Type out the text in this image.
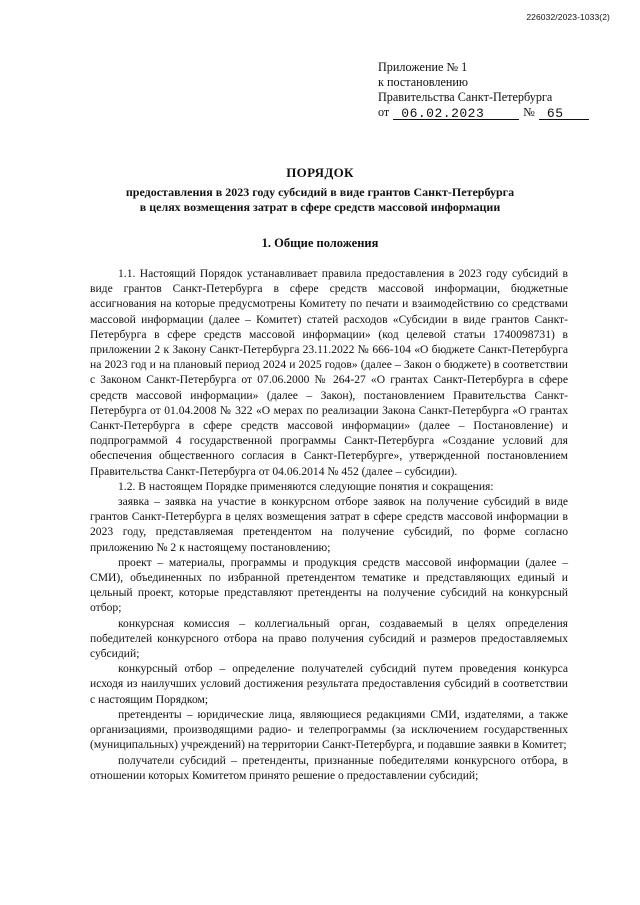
226032/2023-1033(2)
Приложение № 1
к постановлению
Правительства Санкт-Петербурга
от 06.02.2023	№ 65
ПОРЯДОК
предоставления в 2023 году субсидий в виде грантов Санкт-Петербурга
в целях возмещения затрат в сфере средств массовой информации
1. Общие положения

1.1. Настоящий Порядок устанавливает правила предоставления в 2023 году субсидий в виде грантов Санкт-Петербурга в сфере средств массовой информации, бюджетные ассигнования на которые предусмотрены Комитету по печати и взаимодействию со средствами массовой информации (далее – Комитет) статей расходов «Субсидии в виде грантов Санкт-Петербурга в сфере средств массовой информации» (код целевой статьи 1740098731) в приложении 2 к Закону Санкт-Петербурга 23.11.2022 № 666-104 «О бюджете Санкт-Петербурга на 2023 год и на плановый период 2024 и 2025 годов» (далее – Закон о бюджете) в соответствии с Законом Санкт-Петербурга от 07.06.2000 № 264-27 «О грантах Санкт-Петербурга в сфере средств массовой информации» (далее – Закон), постановлением Правительства Санкт-Петербурга от 01.04.2008 № 322 «О мерах по реализации Закона Санкт-Петербурга «О грантах Санкт-Петербурга в сфере средств массовой информации» (далее – Постановление) и подпрограммой 4 государственной программы Санкт-Петербурга «Создание условий для обеспечения общественного согласия в Санкт-Петербурге», утвержденной постановлением Правительства Санкт-Петербурга от 04.06.2014 № 452 (далее – субсидии).

1.2. В настоящем Порядке применяются следующие понятия и сокращения:

заявка – заявка на участие в конкурсном отборе заявок на получение субсидий в виде грантов Санкт-Петербурга в целях возмещения затрат в сфере средств массовой информации в 2023 году, представляемая претендентом на получение субсидий, по форме согласно приложению № 2 к настоящему постановлению;

проект – материалы, программы и продукция средств массовой информации (далее – СМИ), объединенных по избранной претендентом тематике и представляющих единый и цельный проект, которые представляют претенденты на получение субсидий на конкурсный отбор;

конкурсная комиссия – коллегиальный орган, создаваемый в целях определения победителей конкурсного отбора на право получения субсидий и размеров предоставляемых субсидий;

конкурсный отбор – определение получателей субсидий путем проведения конкурса исходя из наилучших условий достижения результата предоставления субсидий в соответствии с настоящим Порядком;

претенденты – юридические лица, являющиеся редакциями СМИ, издателями, а также организациями, производящими радио- и телепрограммы (за исключением государственных (муниципальных) учреждений) на территории Санкт-Петербурга, и подавшие заявки в Комитет;

получатели субсидий – претенденты, признанные победителями конкурсного отбора, в отношении которых Комитетом принято решение о предоставлении субсидий;
